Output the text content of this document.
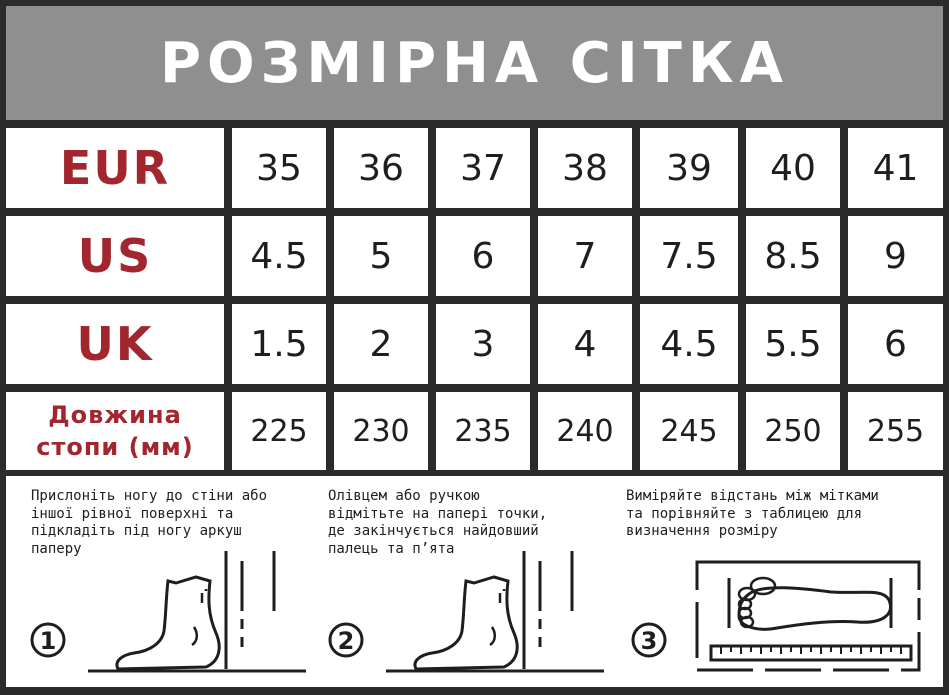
РОЗМІРНА СІТКА
EUR	35	36	37	38	39	40	41
US	4.5	5	6	7	7.5	8.5	9
UK	1.5	2	3	4	4.5	5.5	6
Довжина
стопи (мм)	225	230	235	240	245	250	255
Прислоніть ногу до стіни або
іншої рівної поверхні та
підкладіть під ногу аркуш
паперу
Олівцем або ручкою
відмітьте на папері точки,
де закінчується найдовший
палець та п’ята
Виміряйте відстань між мітками
та порівняйте з таблицею для
визначення розміру
1	2	3
